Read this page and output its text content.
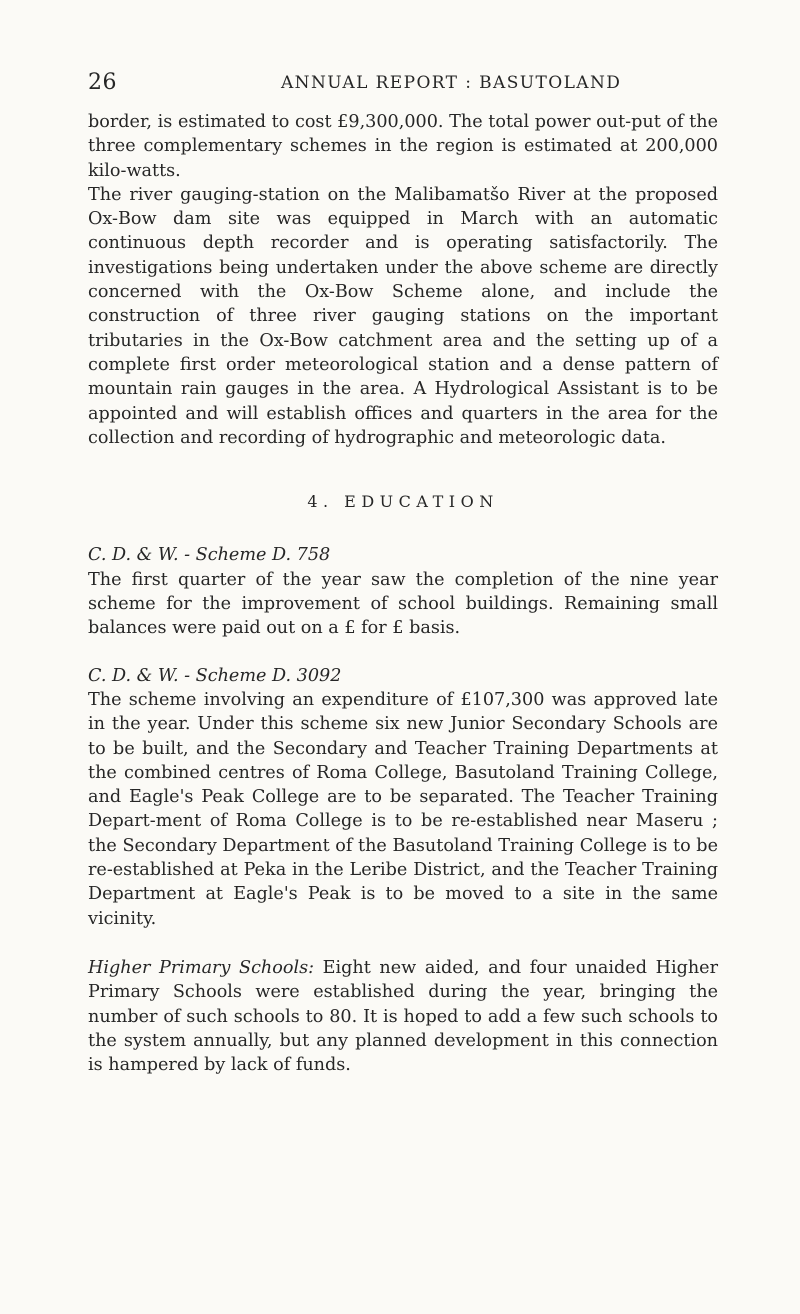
26	ANNUAL REPORT : BASUTOLAND

border, is estimated to cost £9,300,000. The total power out-put of the three complementary schemes in the region is estimated at 200,000 kilo-watts.

The river gauging-station on the Malibamatšo River at the proposed Ox-Bow dam site was equipped in March with an automatic continuous depth recorder and is operating satisfactorily. The investigations being undertaken under the above scheme are directly concerned with the Ox-Bow Scheme alone, and include the construction of three river gauging stations on the important tributaries in the Ox-Bow catchment area and the setting up of a complete first order meteorological station and a dense pattern of mountain rain gauges in the area. A Hydrological Assistant is to be appointed and will establish offices and quarters in the area for the collection and recording of hydrographic and meteorologic data.

4. EDUCATION

C. D. & W. - Scheme D. 758

The first quarter of the year saw the completion of the nine year scheme for the improvement of school buildings. Remaining small balances were paid out on a £ for £ basis.

C. D. & W. - Scheme D. 3092

The scheme involving an expenditure of £107,300 was approved late in the year. Under this scheme six new Junior Secondary Schools are to be built, and the Secondary and Teacher Training Departments at the combined centres of Roma College, Basutoland Training College, and Eagle's Peak College are to be separated. The Teacher Training Depart-ment of Roma College is to be re-established near Maseru ; the Secondary Department of the Basutoland Training College is to be re-established at Peka in the Leribe District, and the Teacher Training Department at Eagle's Peak is to be moved to a site in the same vicinity.

Higher Primary Schools: Eight new aided, and four unaided Higher Primary Schools were established during the year, bringing the number of such schools to 80. It is hoped to add a few such schools to the system annually, but any planned development in this connection is hampered by lack of funds.
